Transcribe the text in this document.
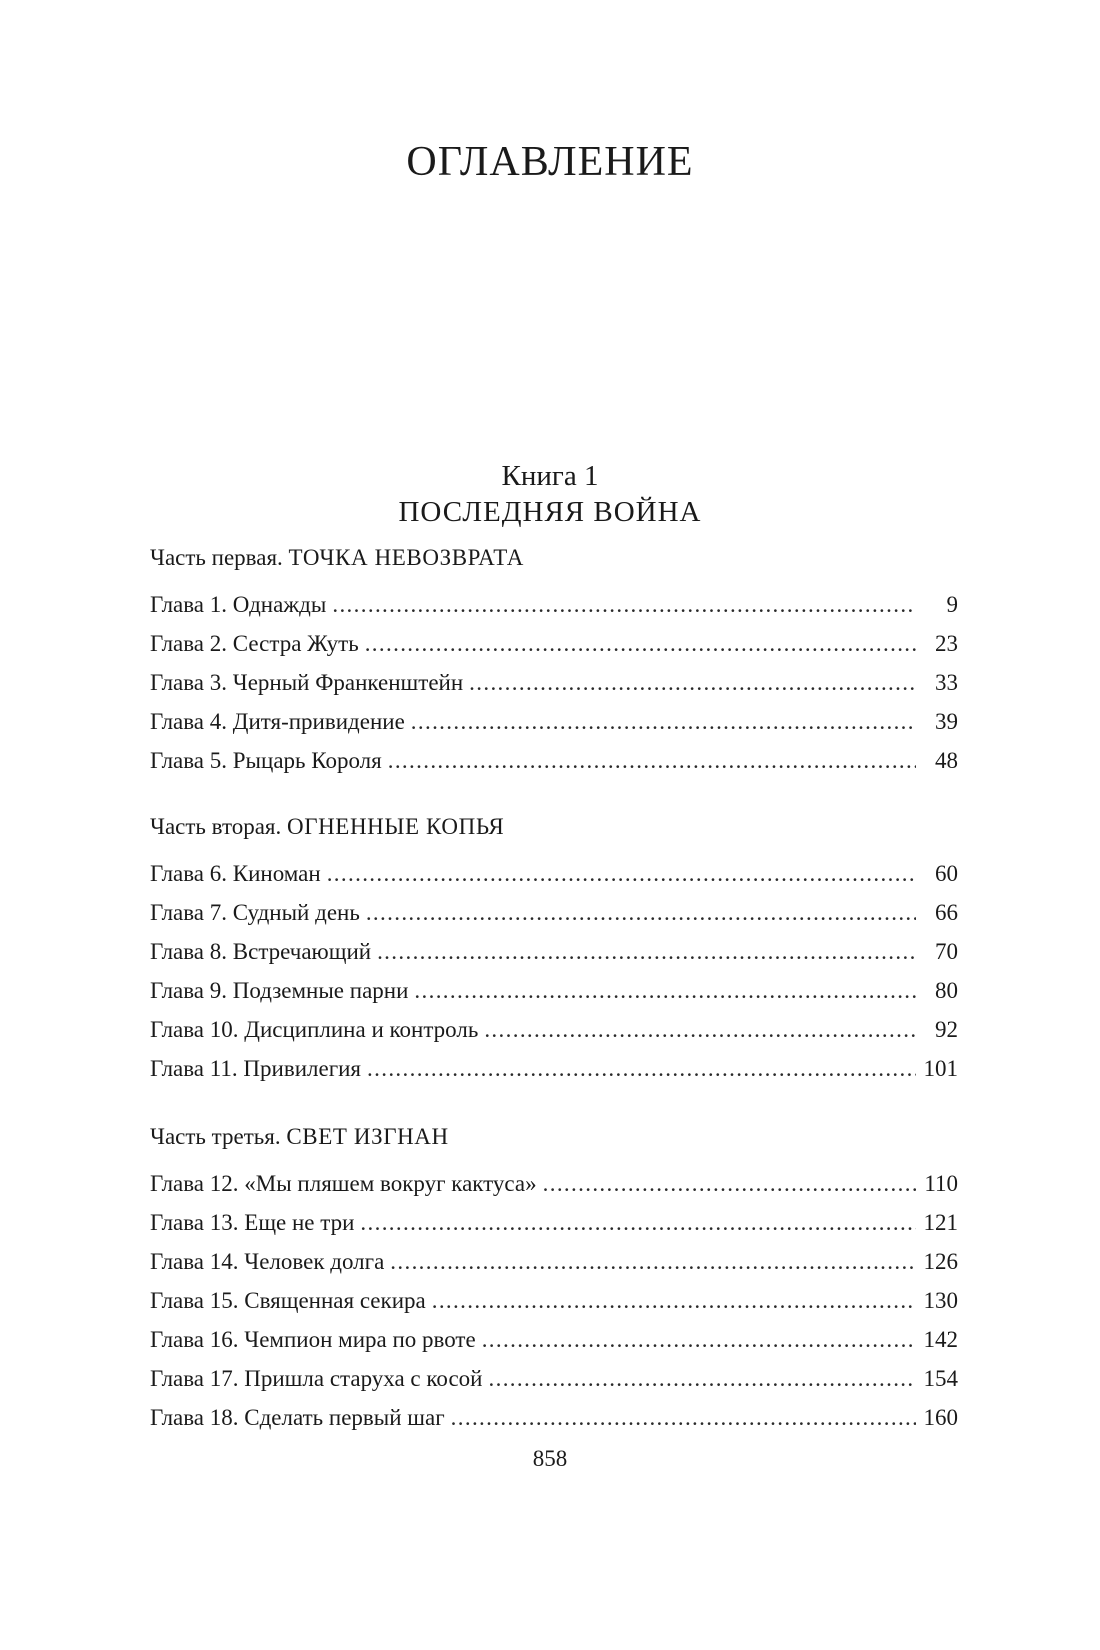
ОГЛАВЛЕНИЕ

Книга 1

ПОСЛЕДНЯЯ ВОЙНА

Часть первая. ТОЧКА НЕВОЗВРАТА

Глава 1. Однажды . . .	9
Глава 2. Сестра Жуть . . .	23
Глава 3. Черный Франкенштейн . . .	33
Глава 4. Дитя-привидение . . .	39
Глава 5. Рыцарь Короля . . .	48

Часть вторая. ОГНЕННЫЕ КОПЬЯ

Глава 6. Киноман . . .	60
Глава 7. Судный день . . .	66
Глава 8. Встречающий . . .	70
Глава 9. Подземные парни . . .	80
Глава 10. Дисциплина и контроль . . .	92
Глава 11. Привилегия . . .	101

Часть третья. СВЕТ ИЗГНАН

Глава 12. «Мы пляшем вокруг кактуса» . . .	110
Глава 13. Еще не три . . .	121
Глава 14. Человек долга . . .	126
Глава 15. Священная секира . . .	130
Глава 16. Чемпион мира по рвоте . . .	142
Глава 17. Пришла старуха с косой . . .	154
Глава 18. Сделать первый шаг . . .	160
858
